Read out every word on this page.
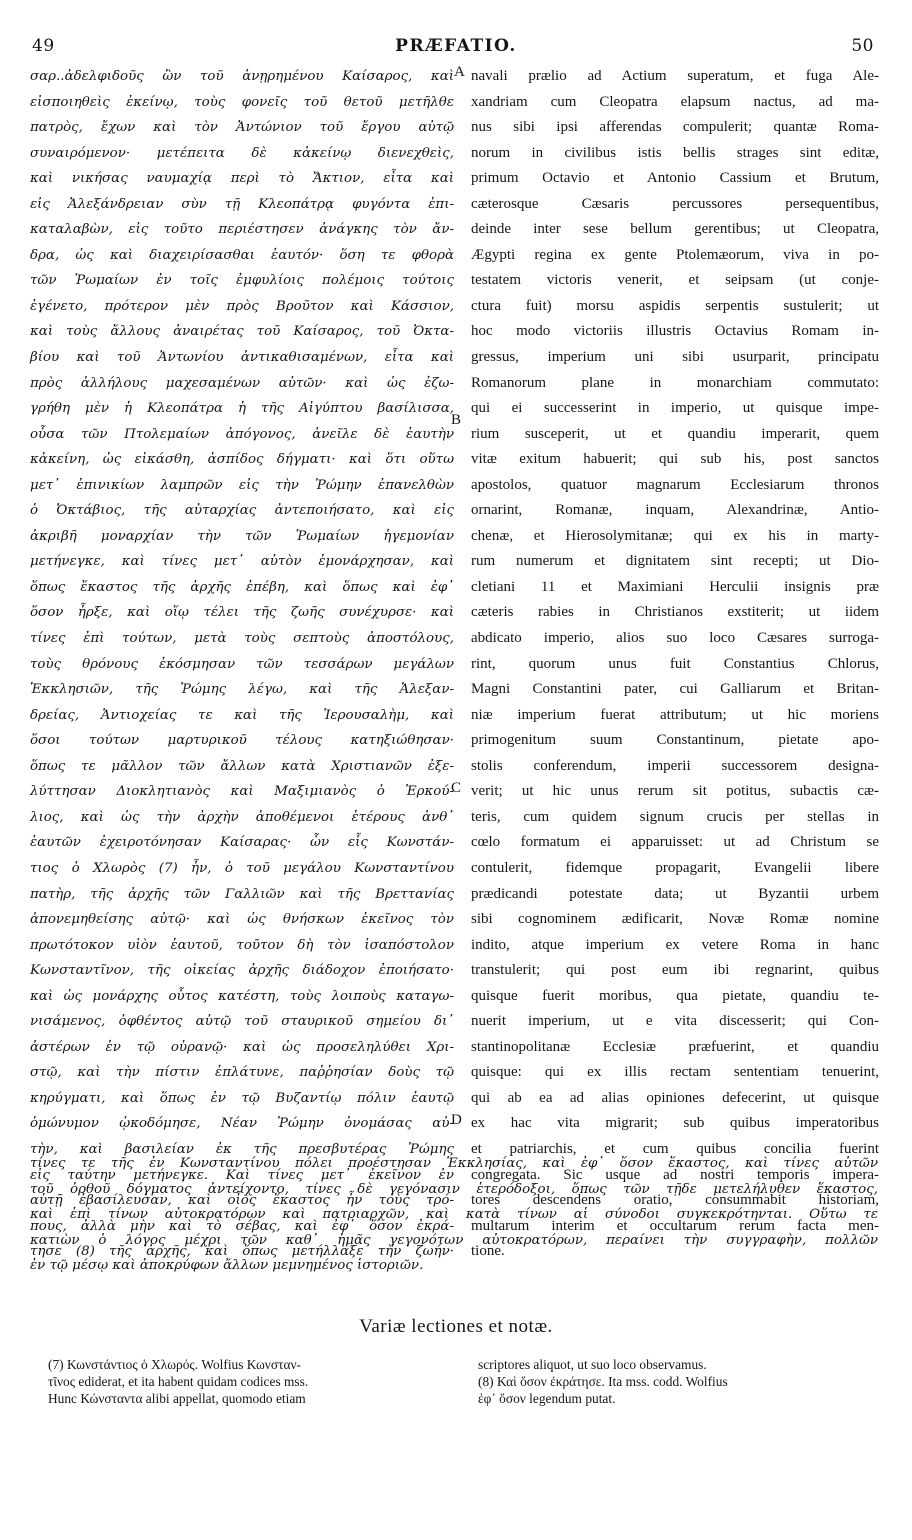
49	PRÆFATIO.	50
σαρ..ἀδελφιδοῦς ὢν τοῦ ἀνῃρημένου Καίσαρος, καὶ
εἰσποιηθεὶς ἐκείνῳ, τοὺς φονεῖς τοῦ θετοῦ μετῆλθε
πατρὸς, ἔχων καὶ τὸν Ἀντώνιον τοῦ ἔργου αὐτῷ
συναιρόμενον· μετέπειτα δὲ κἀκείνῳ διενεχθεὶς,
καὶ νικήσας ναυμαχίᾳ περὶ τὸ Ἄκτιον, εἶτα καὶ
εἰς Ἀλεξάνδρειαν σὺν τῇ Κλεοπάτρᾳ φυγόντα ἐπι-
καταλαβὼν, εἰς τοῦτο περιέστησεν ἀνάγκης τὸν ἄν-
δρα, ὡς καὶ διαχειρίσασθαι ἑαυτόν· ὅση τε φθορὰ
τῶν Ῥωμαίων ἐν τοῖς ἐμφυλίοις πολέμοις τούτοις
ἐγένετο, πρότερον μὲν πρὸς Βροῦτον καὶ Κάσσιον,
καὶ τοὺς ἄλλους ἀναιρέτας τοῦ Καίσαρος, τοῦ Ὀκτα-
βίου καὶ τοῦ Ἀντωνίου ἀντικαθισαμένων, εἶτα καὶ
πρὸς ἀλλήλους μαχεσαμένων αὐτῶν· καὶ ὡς ἐζω-
γρήθη μὲν ἡ Κλεοπάτρα ἡ τῆς Αἰγύπτου βασίλισσα,
οὖσα τῶν Πτολεμαίων ἀπόγονος, ἀνεῖλε δὲ ἑαυτὴν
κἀκείνη, ὡς εἰκάσθη, ἀσπίδος δήγματι· καὶ ὅτι οὕτω
μετ᾽ ἐπινικίων λαμπρῶν εἰς τὴν Ῥώμην ἐπανελθὼν
ὁ Ὀκτάβιος, τῆς αὐταρχίας ἀντεποιήσατο, καὶ εἰς
ἀκριβῆ μοναρχίαν τὴν τῶν Ῥωμαίων ἡγεμονίαν
μετήνεγκε, καὶ τίνες μετ᾽ αὐτὸν ἐμονάρχησαν, καὶ
ὅπως ἕκαστος τῆς ἀρχῆς ἐπέβη, καὶ ὅπως καὶ ἐφ᾽
ὅσον ἦρξε, καὶ οἵῳ τέλει τῆς ζωῆς συνέχυρσε· καὶ
τίνες ἐπὶ τούτων, μετὰ τοὺς σεπτοὺς ἀποστόλους,
τοὺς θρόνους ἐκόσμησαν τῶν τεσσάρων μεγάλων
Ἐκκλησιῶν, τῆς Ῥώμης λέγω, καὶ τῆς Ἀλεξαν-
δρείας, Ἀντιοχείας τε καὶ τῆς Ἱερουσαλὴμ, καὶ
ὅσοι τούτων μαρτυρικοῦ τέλους κατηξιώθησαν·
ὅπως τε μᾶλλον τῶν ἄλλων κατὰ Χριστιανῶν ἐξε-
λύττησαν Διοκλητιανὸς καὶ Μαξιμιανὸς ὁ Ἑρκού-
λιος, καὶ ὡς τὴν ἀρχὴν ἀποθέμενοι ἑτέρους ἀνθ᾽
ἑαυτῶν ἐχειροτόνησαν Καίσαρας· ὧν εἷς Κωνστάν-
τιος ὁ Χλωρὸς (7) ἦν, ὁ τοῦ μεγάλου Κωνσταντίνου
πατὴρ, τῆς ἀρχῆς τῶν Γαλλιῶν καὶ τῆς Βρεττανίας
ἀπονεμηθείσης αὐτῷ· καὶ ὡς θνήσκων ἐκεῖνος τὸν
πρωτότοκον υἱὸν ἑαυτοῦ, τοῦτον δὴ τὸν ἰσαπόστολον
Κωνσταντῖνον, τῆς οἰκείας ἀρχῆς διάδοχον ἐποιήσατο·
καὶ ὡς μονάρχης οὗτος κατέστη, τοὺς λοιποὺς καταγω-
νισάμενος, ὀφθέντος αὐτῷ τοῦ σταυρικοῦ σημείου δι᾽
ἀστέρων ἐν τῷ οὐρανῷ· καὶ ὡς προσεληλύθει Χρι-
στῷ, καὶ τὴν πίστιν ἐπλάτυνε, παῤῥησίαν δοὺς τῷ
κηρύγματι, καὶ ὅπως ἐν τῷ Βυζαντίῳ πόλιν ἑαυτῷ
ὁμώνυμον ᾠκοδόμησε, Νέαν Ῥώμην ὀνομάσας αὐ-
τὴν, καὶ βασιλείαν ἐκ τῆς πρεσβυτέρας Ῥώμης
εἰς ταύτην μετήνεγκε. Καὶ τίνες μετ᾽ ἐκεῖνον ἐν
αὐτῇ ἐβασίλευσαν, καὶ οἷος ἕκαστος ἦν τοὺς τρό-
πους, ἀλλὰ μὴν καὶ τὸ σέβας, καὶ ἐφ᾽ ὅσον ἐκρά-
τησε (8) τῆς ἀρχῆς, καὶ ὅπως μετήλλαξε τὴν ζωήν·
navali prælio ad Actium superatum, et fuga Ale-
xandriam cum Cleopatra elapsum nactus, ad ma-
nus sibi ipsi afferendas compulerit; quantæ Roma-
norum in civilibus istis bellis strages sint editæ,
primum Octavio et Antonio Cassium et Brutum,
cæterosque Cæsaris percussores persequentibus,
deinde inter sese bellum gerentibus; ut Cleopatra,
Ægypti regina ex gente Ptolemæorum, viva in po-
testatem victoris venerit, et seipsam (ut conje-
ctura fuit) morsu aspidis serpentis sustulerit; ut
hoc modo victoriis illustris Octavius Romam in-
gressus, imperium uni sibi usurparit, principatu
Romanorum plane in monarchiam commutato:
qui ei successerint in imperio, ut quisque impe-
rium susceperit, ut et quandiu imperarit, quem
vitæ exitum habuerit; qui sub his, post sanctos
apostolos, quatuor magnarum Ecclesiarum thronos
ornarint, Romanæ, inquam, Alexandrinæ, Antio-
chenæ, et Hierosolymitanæ; qui ex his in marty-
rum numerum et dignitatem sint recepti; ut Dio-
cletiani 11 et Maximiani Herculii insignis præ
cæteris rabies in Christianos exstiterit; ut iidem
abdicato imperio, alios suo loco Cæsares surroga-
rint, quorum unus fuit Constantius Chlorus,
Magni Constantini pater, cui Galliarum et Britan-
niæ imperium fuerat attributum; ut hic moriens
primogenitum suum Constantinum, pietate apo-
stolis conferendum, imperii successorem designa-
verit; ut hic unus rerum sit potitus, subactis cæ-
teris, cum quidem signum crucis per stellas in
cœlo formatum ei apparuisset: ut ad Christum se
contulerit, fidemque propagarit, Evangelii libere
prædicandi potestate data; ut Byzantii urbem
sibi cognominem ædificarit, Novæ Romæ nomine
indito, atque imperium ex vetere Roma in hanc
transtulerit; qui post eum ibi regnarint, quibus
quisque fuerit moribus, qua pietate, quandiu te-
nuerit imperium, ut e vita discesserit; qui Con-
stantinopolitanæ Ecclesiæ præfuerint, et quandiu
quisque: qui ex illis rectam sententiam tenuerint,
qui ab ea ad alias opiniones defecerint, ut quisque
ex hac vita migrarit; sub quibus imperatoribus
et patriarchis, et cum quibus concilia fuerint
congregata. Sic usque ad nostri temporis impera-
tores descendens oratio, consummabit historiam,
multarum interim et occultarum rerum facta men-
tione.
A
B
C
D
τίνες τε τῆς ἐν Κωνσταντίνου πόλει προέστησαν Ἐκκλησίας, καὶ ἐφ᾽ ὅσον ἕκαστος, καὶ τίνες αὐτῶν
τοῦ ὀρθοῦ δόγματος ἀντείχοντο, τίνες δὲ γεγόνασιν ἑτερόδοξοι, ὅπως τῶν τῇδε μετελήλυθεν ἕκαστος,
καὶ ἐπὶ τίνων αὐτοκρατόρων καὶ πατριαρχῶν, καὶ κατὰ τίνων αἱ σύνοδοι συγκεκρότηνται. Οὕτω τε
κατιὼν ὁ λόγος μέχρι τῶν καθ᾽ ἡμᾶς γεγονότων αὐτοκρατόρων, περαίνει τὴν συγγραφὴν, πολλῶν
ἐν τῷ μέσῳ καὶ ἀποκρύφων ἄλλων μεμνημένος ἱστοριῶν.
Variæ lectiones et notæ.
(7) Κωνστάντιος ὁ Χλωρός. Wolfius Κωνσταν-
τῖνος ediderat, et ita habent quidam codices mss.
Hunc Κώνσταντα alibi appellat, quomodo etiam
scriptores aliquot, ut suo loco observamus.
(8) Καὶ ὅσον ἐκράτησε. Ita mss. codd. Wolfius
ἐφ᾽ ὅσον legendum putat.
